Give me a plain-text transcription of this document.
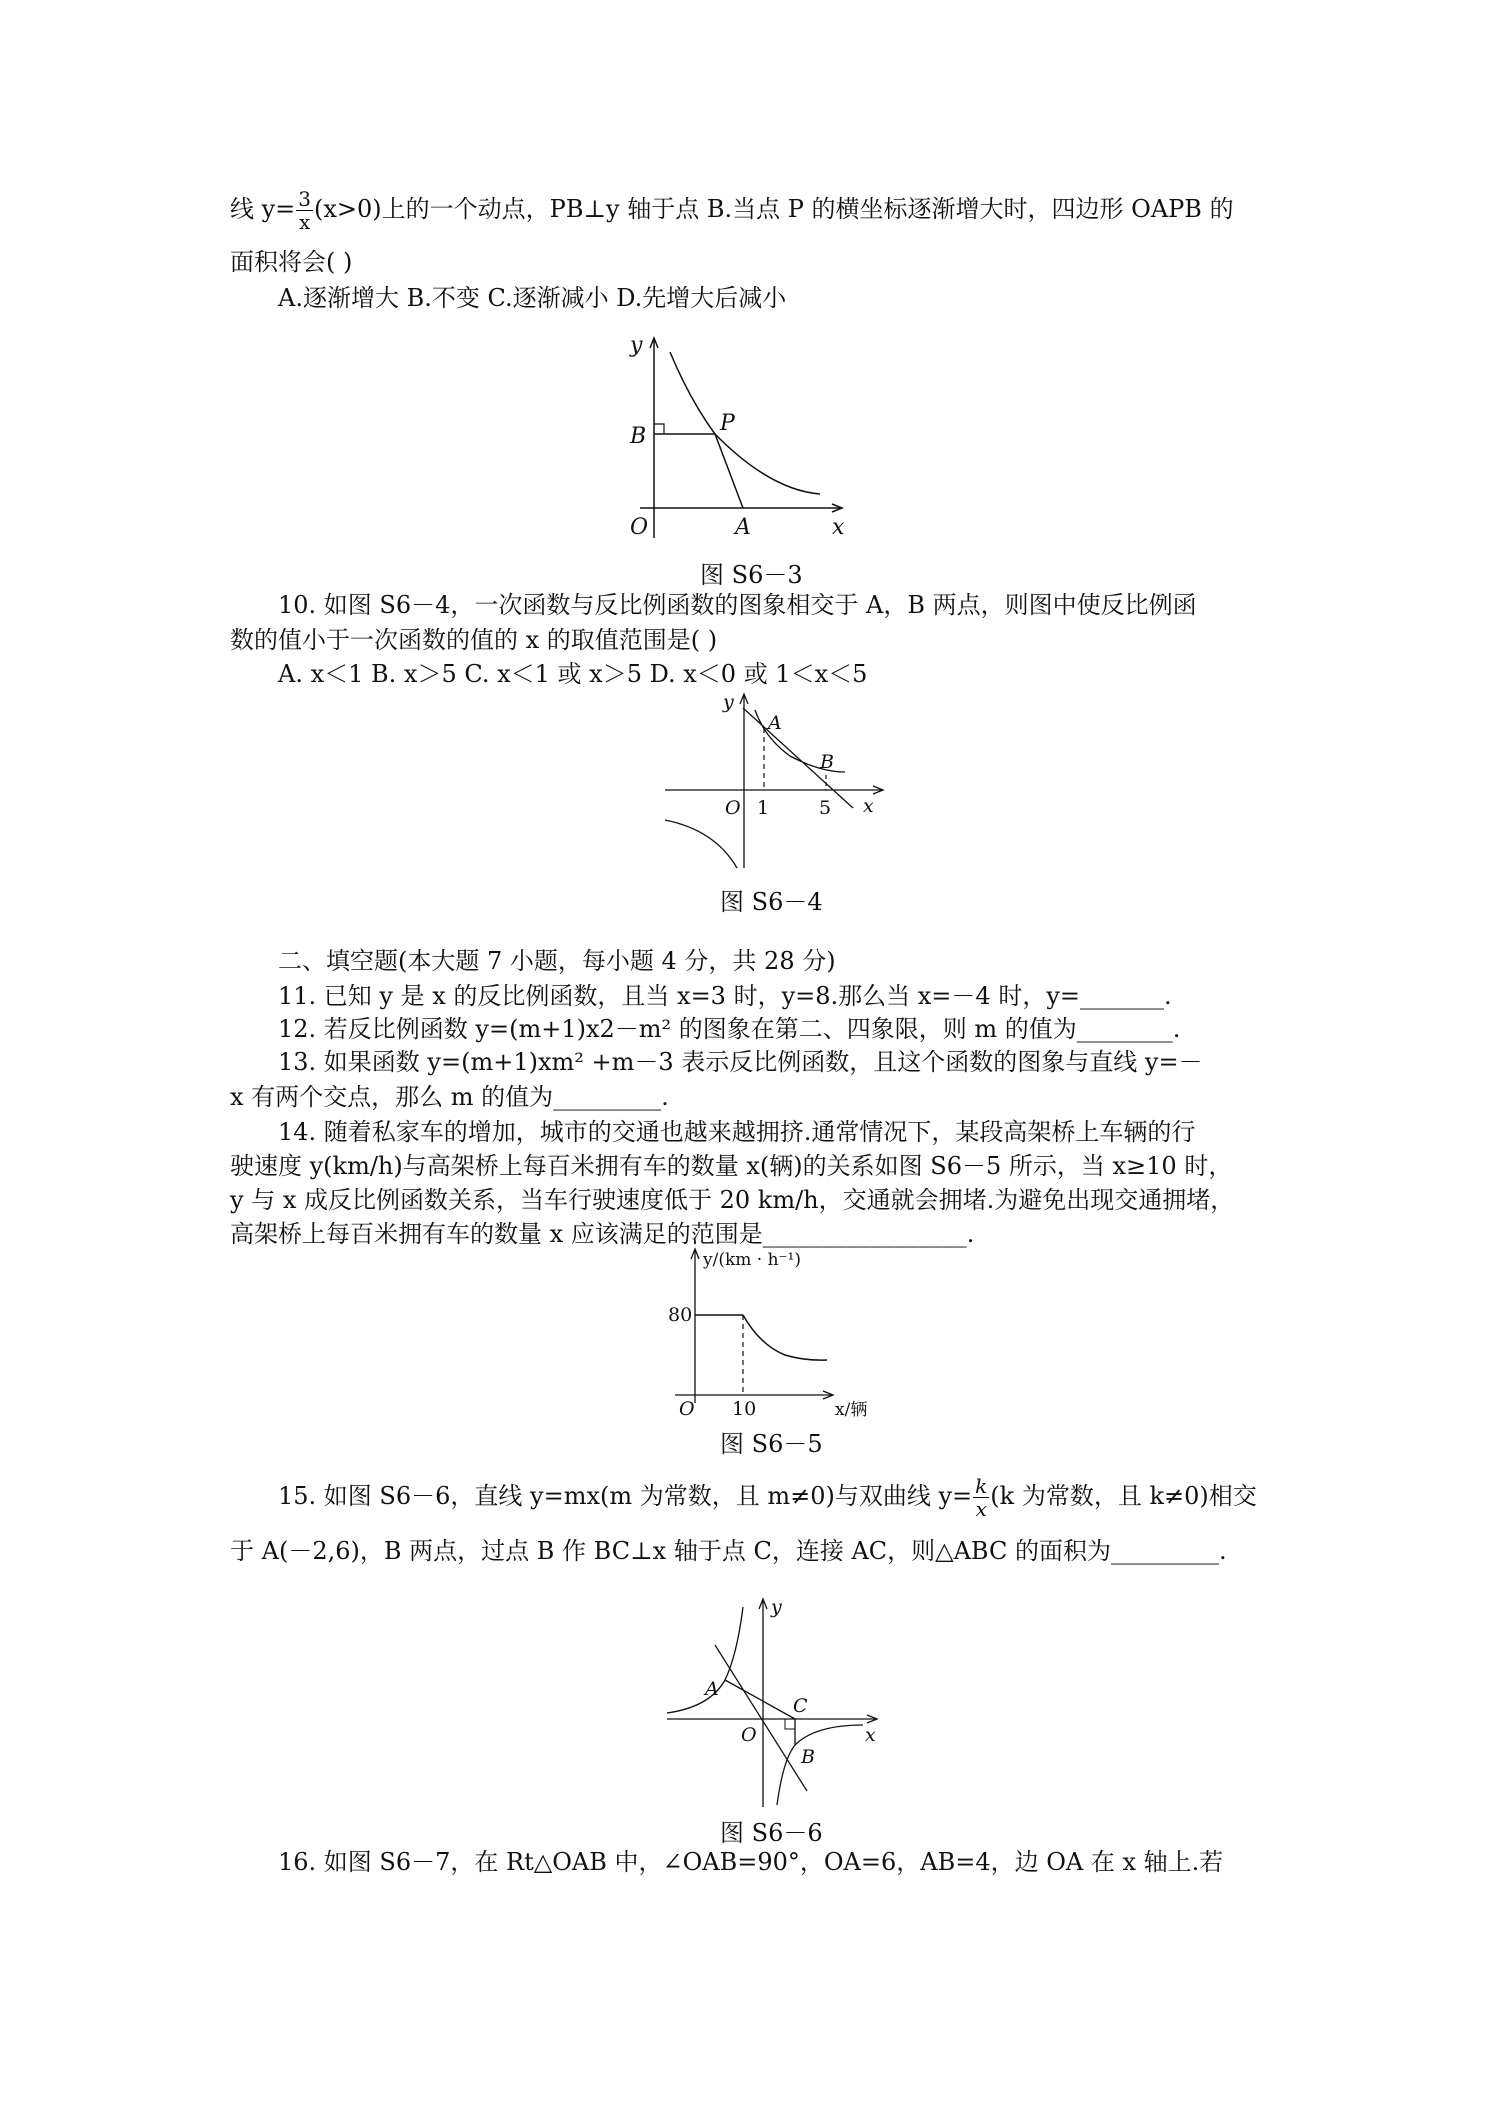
线 $y= \frac{3}{x} (x>0)$上的一个动点，PB⊥y 轴于点 B.当点 P 的横坐标逐渐增大时，四边形 OAPB 的
面积将会( )
A.逐渐增大 B.不变 C.逐渐减小 D.先增大后减小
y
x
O	A
B
P
图 S6－3
10. 如图 S6－4，一次函数与反比例函数的图象相交于 A，B 两点，则图中使反比例函
数的值小于一次函数的值的 x 的取值范围是( )
A. x＜1 B. x＞5 C. x＜1 或 x＞5 D. x＜0 或 1＜x＜5
y
x
O
A
B
1	5
图 S6－4
二、填空题(本大题 7 小题，每小题 4 分，共 28 分)
11. 已知 y 是 x 的反比例函数，且当 x=3 时，y=8.那么当 x=－4 时，y=_______.
12. 若反比例函数 y=(m+1)x2－m² 的图象在第二、四象限，则 m 的值为________.
13. 如果函数 y=(m+1)xm² +m－3 表示反比例函数，且这个函数的图象与直线 y=－
x 有两个交点，那么 m 的值为_________.
14. 随着私家车的增加，城市的交通也越来越拥挤.通常情况下，某段高架桥上车辆的行
驶速度 y(km/h)与高架桥上每百米拥有车的数量 x(辆)的关系如图 S6－5 所示，当 x≥10 时，
y 与 x 成反比例函数关系，当车行驶速度低于 20 km/h，交通就会拥堵.为避免出现交通拥堵，
高架桥上每百米拥有车的数量 x 应该满足的范围是_________________.
y/(km · h⁻¹)
x/辆
O
80
10
图 S6－5
15. 如图 S6－6，直线 y=mx(m 为常数，且 m≠0)与双曲线 $y= \frac{k}{x} (k$ 为常数，且 k≠0)相交
于 A(－2,6)，B 两点，过点 B 作 BC⊥x 轴于点 C，连接 AC，则△ABC 的面积为_________.
y
x
O
A
C
B
图 S6－6
16. 如图 S6－7，在 Rt△OAB 中，∠OAB=90°，OA=6，AB=4，边 OA 在 x 轴上.若
